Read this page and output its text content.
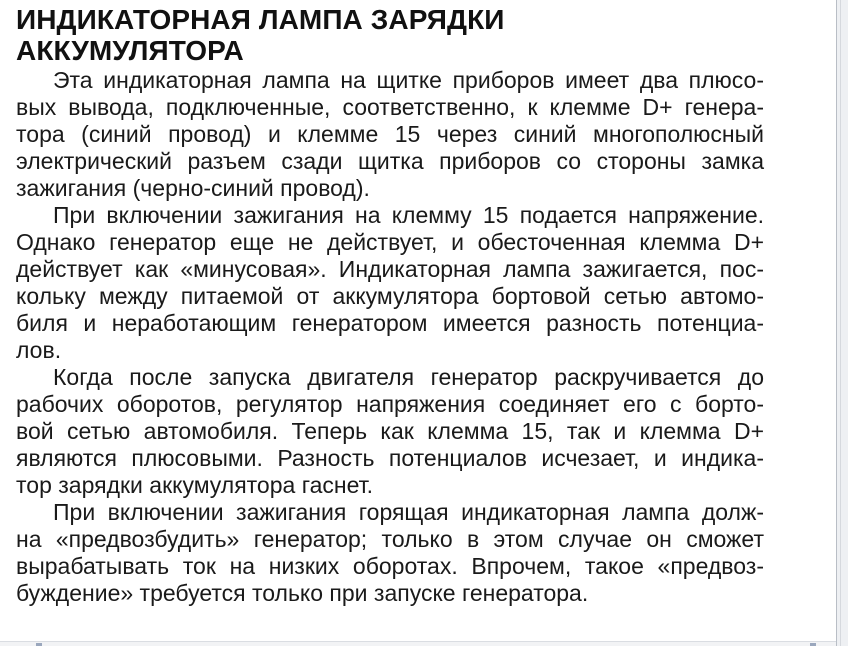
ИНДИКАТОРНАЯ ЛАМПА ЗАРЯДКИ
АККУМУЛЯТОРА
Эта индикаторная лампа на щитке приборов имеет два плюсо-
вых вывода, подключенные, соответственно, к клемме D+ генера-
тора (синий провод) и клемме 15 через синий многополюсный
электрический разъем сзади щитка приборов со стороны замка
зажигания (черно-синий провод).
При включении зажигания на клемму 15 подается напряжение.
Однако генератор еще не действует, и обесточенная клемма D+
действует как «минусовая». Индикаторная лампа зажигается, пос-
кольку между питаемой от аккумулятора бортовой сетью автомо-
биля и неработающим генератором имеется разность потенциа-
лов.
Когда после запуска двигателя генератор раскручивается до
рабочих оборотов, регулятор напряжения соединяет его с борто-
вой сетью автомобиля. Теперь как клемма 15, так и клемма D+
являются плюсовыми. Разность потенциалов исчезает, и индика-
тор зарядки аккумулятора гаснет.
При включении зажигания горящая индикаторная лампа долж-
на «предвозбудить» генератор; только в этом случае он сможет
вырабатывать ток на низких оборотах. Впрочем, такое «предвоз-
буждение» требуется только при запуске генератора.
